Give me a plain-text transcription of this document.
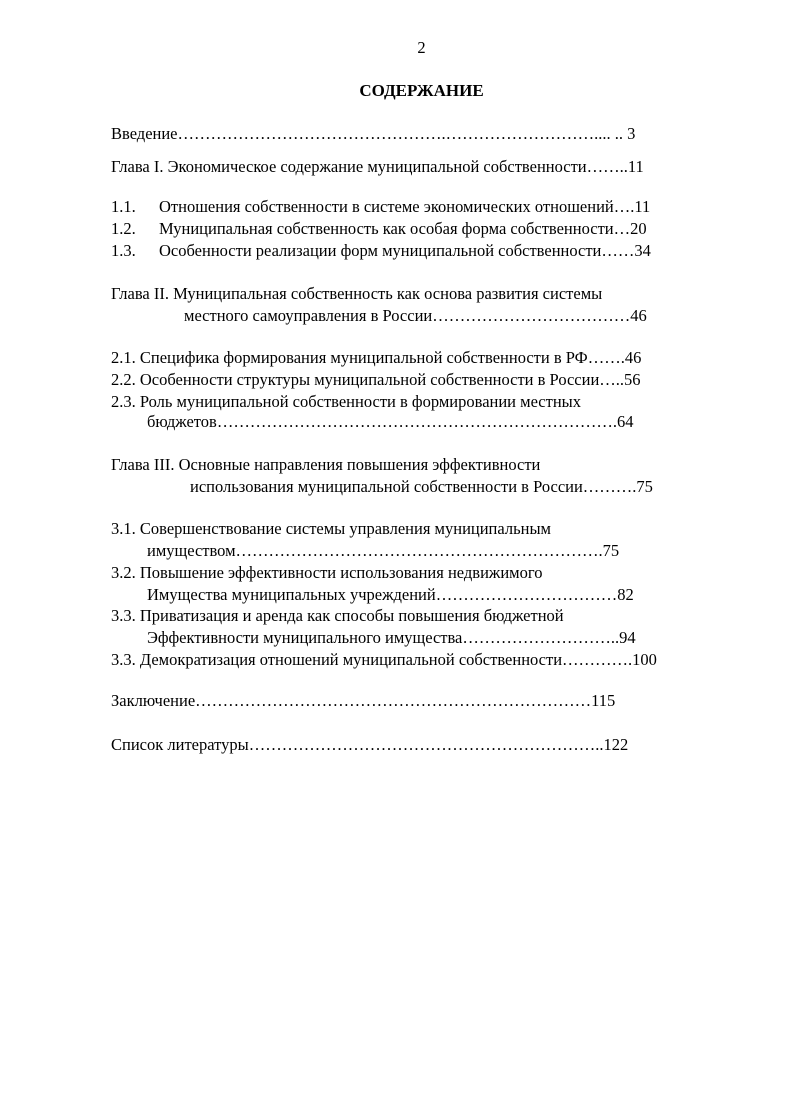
2
СОДЕРЖАНИЕ
Введение………………………………………….……………………….... .. 3
Глава I. Экономическое содержание муниципальной собственности……..11
1.1. Отношения собственности в системе экономических отношений….11
1.2. Муниципальная собственность как особая форма собственности…20
1.3. Особенности реализации форм муниципальной собственности……34
Глава II. Муниципальная собственность как основа развития системы
местного самоуправления в России………………………………46
2.1. Специфика формирования муниципальной собственности в РФ…….46
2.2. Особенности структуры муниципальной собственности в России…..56
2.3. Роль муниципальной собственности в формировании местных
бюджетов……………………………………………………………….64
Глава III. Основные направления повышения эффективности
использования муниципальной собственности в России……….75
3.1. Совершенствование системы управления муниципальным
имуществом………………………………………………………….75
3.2. Повышение эффективности использования недвижимого
Имущества муниципальных учреждений……………………………82
3.3. Приватизация и аренда как способы повышения бюджетной
Эффективности муниципального имущества………………………..94
3.3. Демократизация отношений муниципальной собственности………….100
Заключение………………………………………………………………115
Список литературы………………………………………………………..122
